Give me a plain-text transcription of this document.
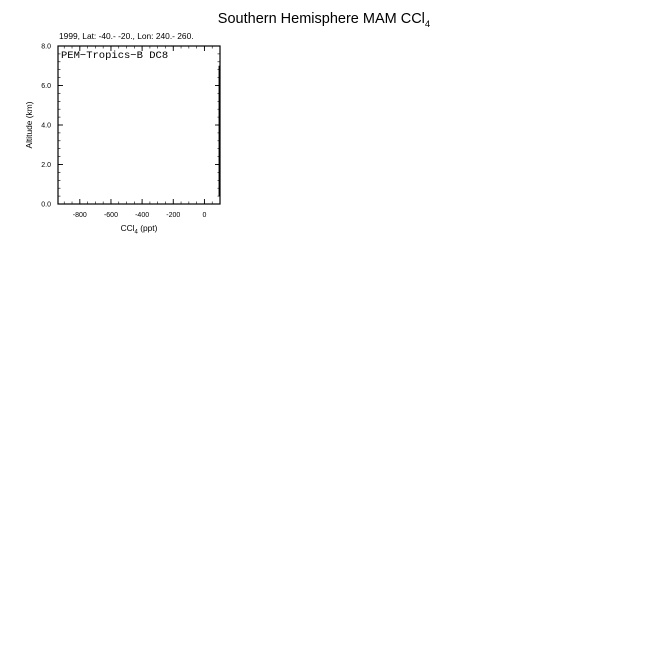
Southern Hemisphere MAM CCl$_4$
1999, Lat: -40.- -20., Lon: 240.- 260.
-800 -600 -400 -200	0
0.0
2.0
4.0
6.0
8.0
PEM−Tropics−B DC8
CCl$_4$ (ppt)
Altitude (km)
